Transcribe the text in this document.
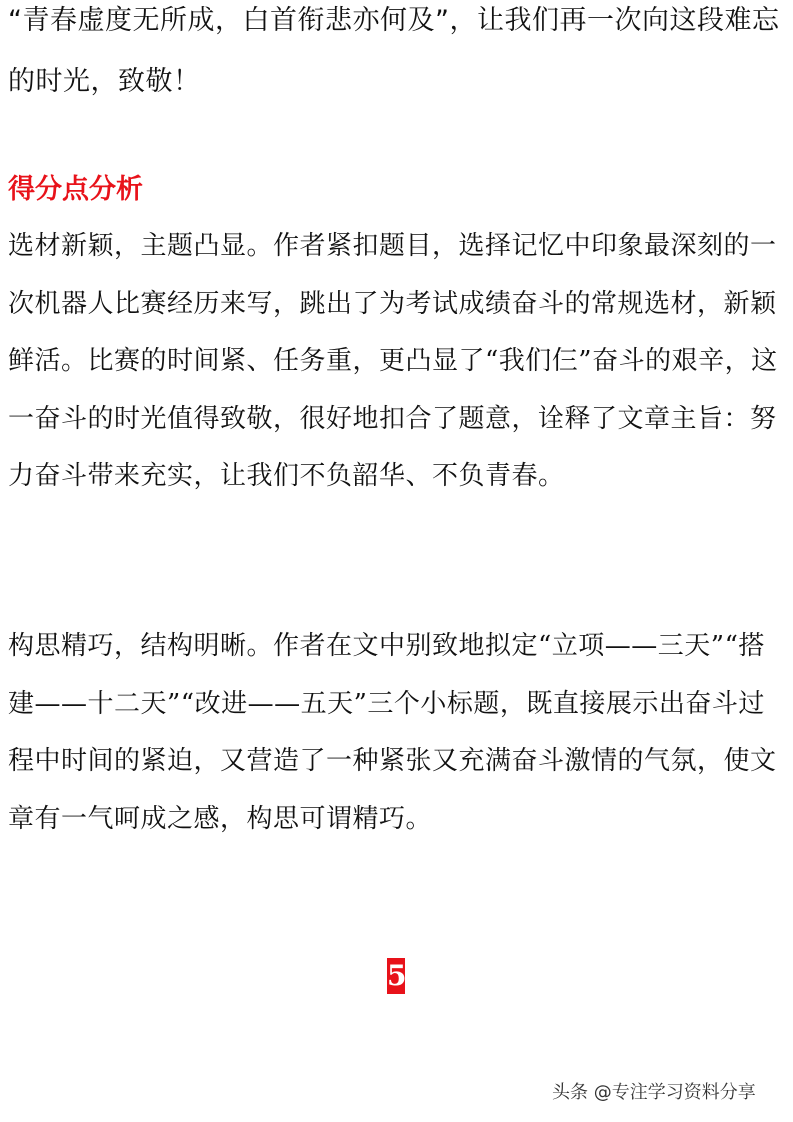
“青春虚度无所成，白首衔悲亦何及”，让我们再一次向这段难忘的时光，致敬！

得分点分析

选材新颖，主题凸显。作者紧扣题目，选择记忆中印象最深刻的一次机器人比赛经历来写，跳出了为考试成绩奋斗的常规选材，新颖鲜活。比赛的时间紧、任务重，更凸显了“我们仨”奋斗的艰辛，这一奋斗的时光值得致敬，很好地扣合了题意，诠释了文章主旨：努力奋斗带来充实，让我们不负韶华、不负青春。

构思精巧，结构明晰。作者在文中别致地拟定“立项——三天”“搭建——十二天”“改进——五天”三个小标题，既直接展示出奋斗过程中时间的紧迫，又营造了一种紧张又充满奋斗激情的气氛，使文章有一气呵成之感，构思可谓精巧。

5
头条 @专注学习资料分享
